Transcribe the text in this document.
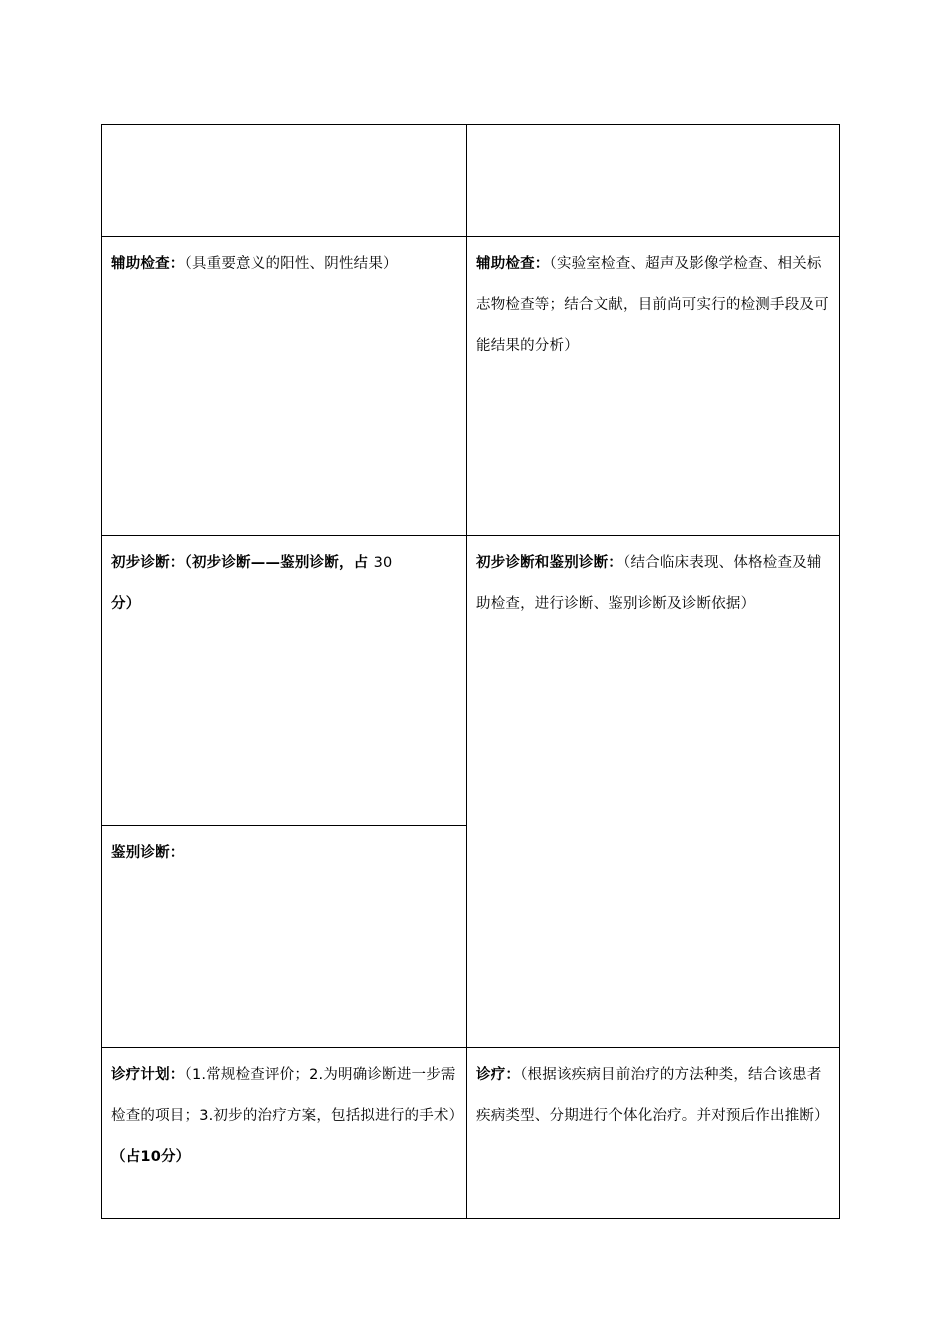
辅助检查：（具重要意义的阳性、阴性结果）	辅助检查：（实验室检查、超声及影像学检查、相关标志物检查等；结合文献，目前尚可实行的检测手段及可能结果的分析）
初步诊断：（初步诊断——鉴别诊断，占 30
分）
鉴别诊断：
初步诊断和鉴别诊断：（结合临床表现、体格检查及辅助检查，进行诊断、鉴别诊断及诊断依据）
诊疗计划：（1.常规检查评价；2.为明确诊断进一步需检查的项目；3.初步的治疗方案，包括拟进行的手术）（占10分）
诊疗：（根据该疾病目前治疗的方法种类，结合该患者疾病类型、分期进行个体化治疗。并对预后作出推断）
